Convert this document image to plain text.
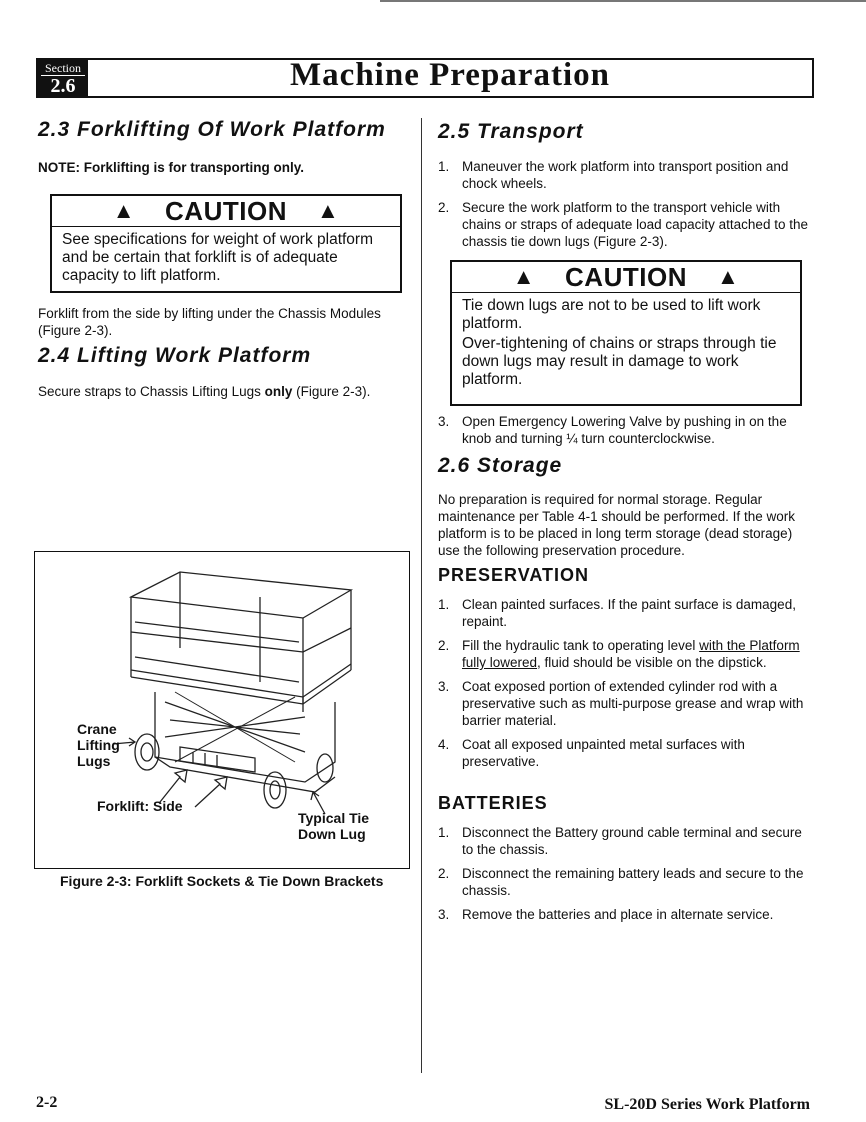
Section
2.6	Machine Preparation
2.3 Forklifting Of Work Platform
NOTE: Forklifting is for transporting only.
▲ CAUTION ▲
See specifications for weight of work platform and be certain that forklift is of adequate capacity to lift platform.
Forklift from the side by lifting under the Chassis Modules (Figure 2-3).
2.4 Lifting Work Platform
Secure straps to Chassis Lifting Lugs only (Figure 2-3).
Crane
Lifting
Lugs
Forklift: Side
Typical Tie
Down Lug
Figure 2-3: Forklift Sockets & Tie Down Brackets
2.5 Transport
1. Maneuver the work platform into transport position and chock wheels.
2. Secure the work platform to the transport vehicle with chains or straps of adequate load capacity attached to the chassis tie down lugs (Figure 2-3).
▲ CAUTION ▲
Tie down lugs are not to be used to lift work platform.
Over-tightening of chains or straps through tie down lugs may result in damage to work platform.
3. Open Emergency Lowering Valve by pushing in on the knob and turning ¼ turn counterclockwise.
2.6 Storage
No preparation is required for normal storage. Regular maintenance per Table 4-1 should be performed. If the work platform is to be placed in long term storage (dead storage) use the following preservation procedure.
PRESERVATION
1. Clean painted surfaces. If the paint surface is damaged, repaint.
2. Fill the hydraulic tank to operating level with the Platform fully lowered, fluid should be visible on the dipstick.
3. Coat exposed portion of extended cylinder rod with a preservative such as multi-purpose grease and wrap with barrier material.
4. Coat all exposed unpainted metal surfaces with preservative.
BATTERIES
1. Disconnect the Battery ground cable terminal and secure to the chassis.
2. Disconnect the remaining battery leads and secure to the chassis.
3. Remove the batteries and place in alternate service.
2-2	SL-20D Series Work Platform
